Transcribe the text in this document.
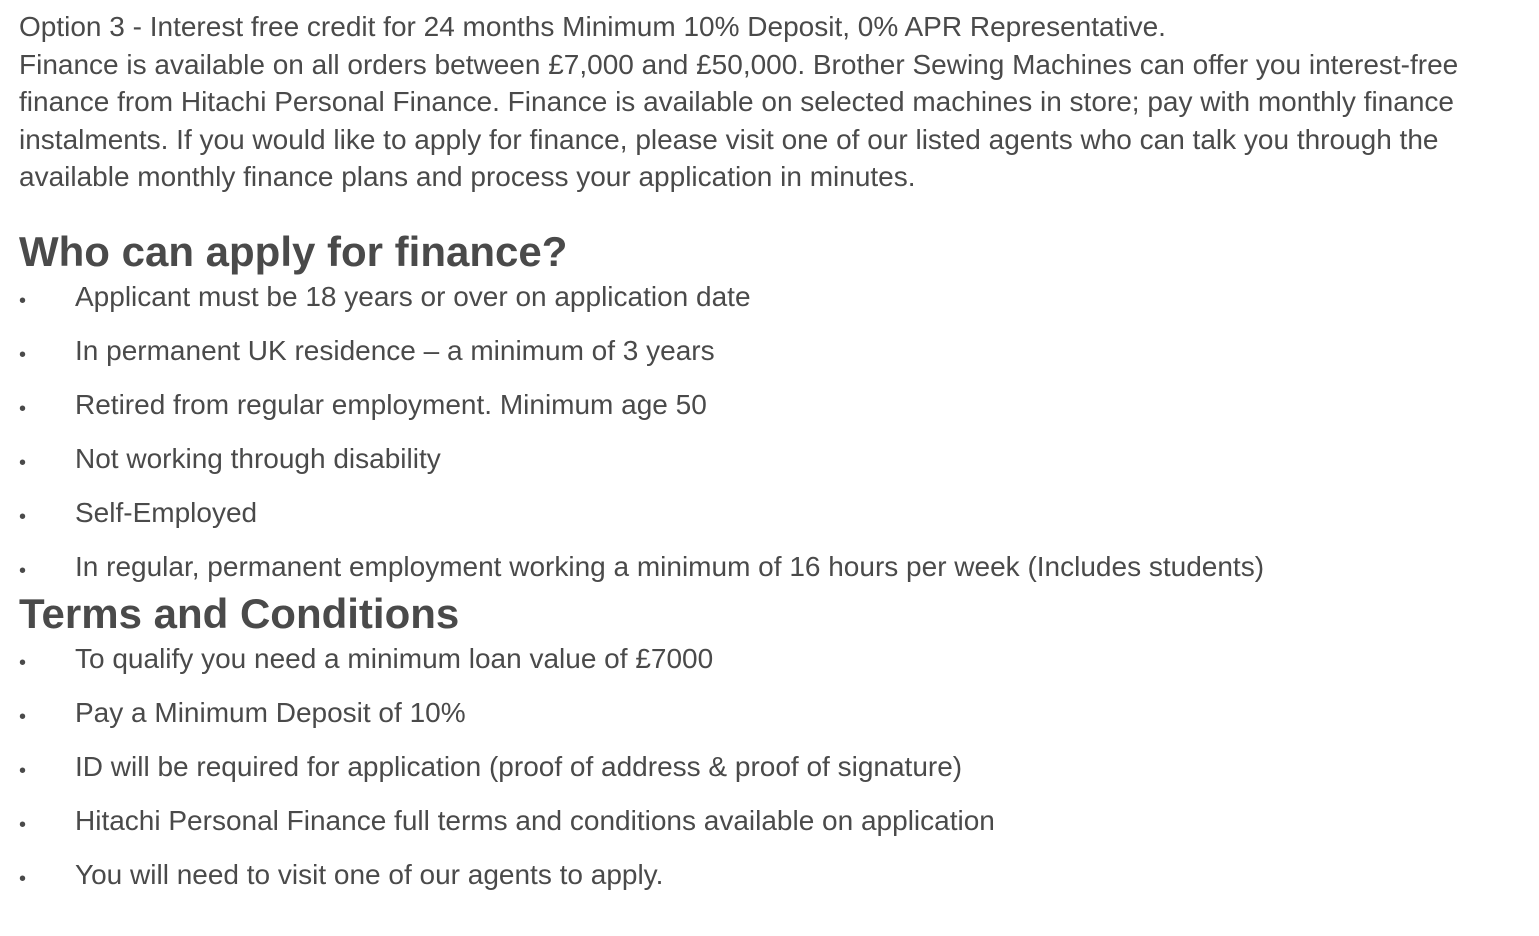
Option 3 - Interest free credit for 24 months Minimum 10% Deposit, 0% APR Representative.

Finance is available on all orders between £7,000 and £50,000. Brother Sewing Machines can offer you interest-free finance from Hitachi Personal Finance. Finance is available on selected machines in store; pay with monthly finance instalments. If you would like to apply for finance, please visit one of our listed agents who can talk you through the available monthly finance plans and process your application in minutes.

Who can apply for finance?
•	Applicant must be 18 years or over on application date
•	In permanent UK residence – a minimum of 3 years
•	Retired from regular employment. Minimum age 50
•	Not working through disability
•	Self-Employed
•	In regular, permanent employment working a minimum of 16 hours per week (Includes students)
Terms and Conditions
•	To qualify you need a minimum loan value of £7000
•	Pay a Minimum Deposit of 10%
•	ID will be required for application (proof of address & proof of signature)
•	Hitachi Personal Finance full terms and conditions available on application
•	You will need to visit one of our agents to apply.
